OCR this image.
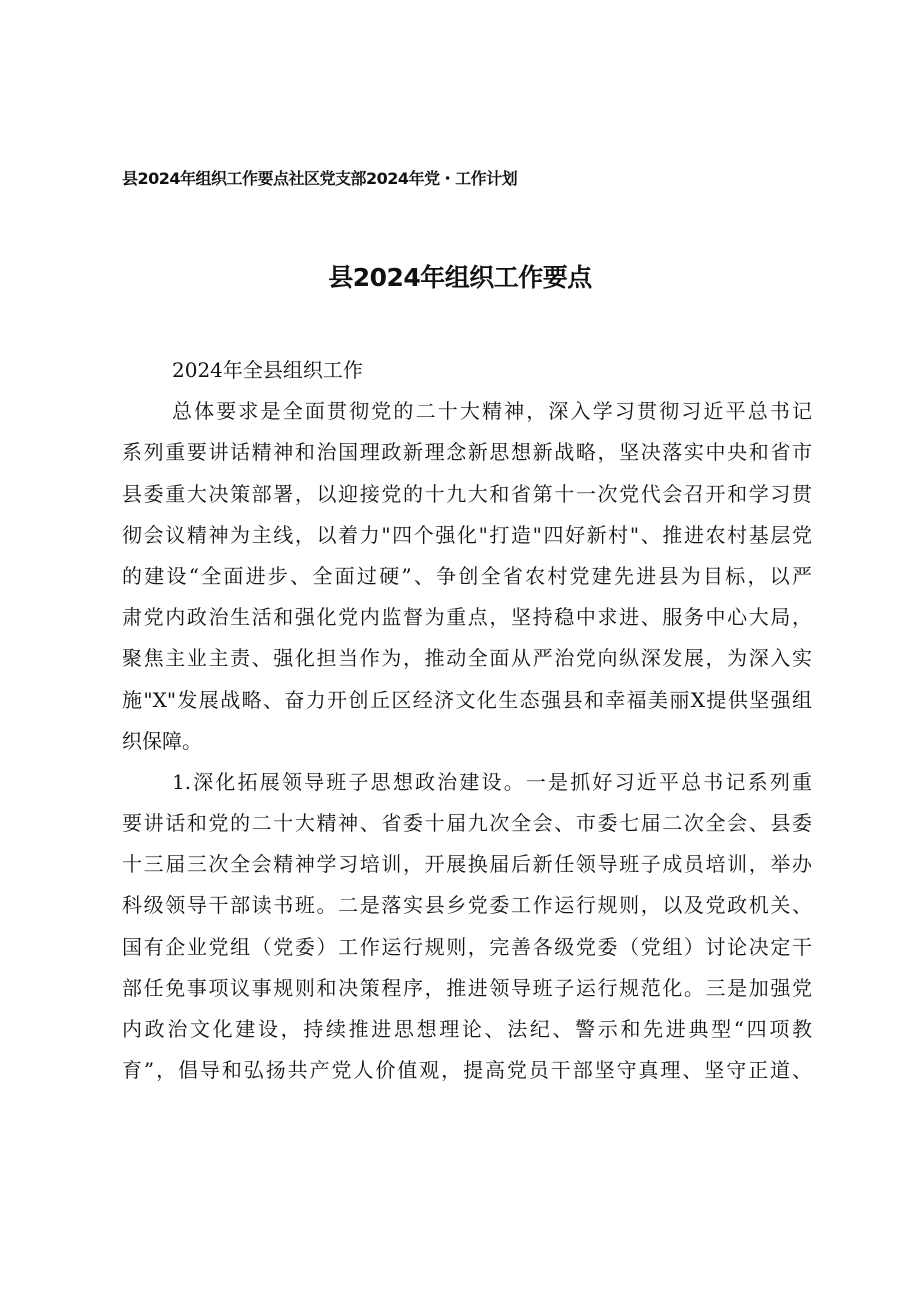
县2024年组织工作要点社区党支部2024年党・工作计划
县2024年组织工作要点
2024年全县组织工作
总体要求是全面贯彻党的二十大精神，深入学习贯彻习近平总书记
系列重要讲话精神和治国理政新理念新思想新战略，坚决落实中央和省市
县委重大决策部署，以迎接党的十九大和省第十一次党代会召开和学习贯
彻会议精神为主线，以着力"四个强化"打造"四好新村"、推进农村基层党
的建设“全面进步、全面过硬”、争创全省农村党建先进县为目标，以严
肃党内政治生活和强化党内监督为重点，坚持稳中求进、服务中心大局，
聚焦主业主责、强化担当作为，推动全面从严治党向纵深发展，为深入实
施"X"发展战略、奋力开创丘区经济文化生态强县和幸福美丽X提供坚强组
织保障。
1.深化拓展领导班子思想政治建设。一是抓好习近平总书记系列重
要讲话和党的二十大精神、省委十届九次全会、市委七届二次全会、县委
十三届三次全会精神学习培训，开展换届后新任领导班子成员培训，举办
科级领导干部读书班。二是落实县乡党委工作运行规则，以及党政机关、
国有企业党组（党委）工作运行规则，完善各级党委（党组）讨论决定干
部任免事项议事规则和决策程序，推进领导班子运行规范化。三是加强党
内政治文化建设，持续推进思想理论、法纪、警示和先进典型“四项教
育”，倡导和弘扬共产党人价值观，提高党员干部坚守真理、坚守正道、
